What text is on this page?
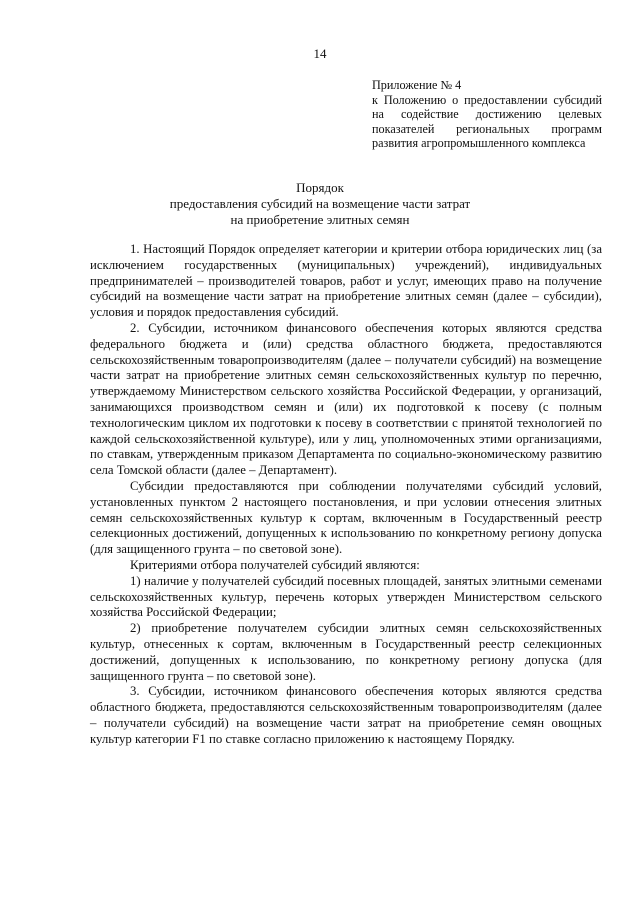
14
Приложение № 4
к Положению о предоставлении субсидий на содействие достижению целевых показателей региональных программ развития агропромышленного комплекса
Порядок
предоставления субсидий на возмещение части затрат
на приобретение элитных семян

1. Настоящий Порядок определяет категории и критерии отбора юридических лиц (за исключением государственных (муниципальных) учреждений), индивидуальных предпринимателей – производителей товаров, работ и услуг, имеющих право на получение субсидий на возмещение части затрат на приобретение элитных семян (далее – субсидии), условия и порядок предоставления субсидий.

2. Субсидии, источником финансового обеспечения которых являются средства федерального бюджета и (или) средства областного бюджета, предоставляются сельскохозяйственным товаропроизводителям (далее – получатели субсидий) на возмещение части затрат на приобретение элитных семян сельскохозяйственных культур по перечню, утверждаемому Министерством сельского хозяйства Российской Федерации, у организаций, занимающихся производством семян и (или) их подготовкой к посеву (с полным технологическим циклом их подготовки к посеву в соответствии с принятой технологией по каждой сельскохозяйственной культуре), или у лиц, уполномоченных этими организациями, по ставкам, утвержденным приказом Департамента по социально-экономическому развитию села Томской области (далее – Департамент).

Субсидии предоставляются при соблюдении получателями субсидий условий, установленных пунктом 2 настоящего постановления, и при условии отнесения элитных семян сельскохозяйственных культур к сортам, включенным в Государственный реестр селекционных достижений, допущенных к использованию по конкретному региону допуска (для защищенного грунта – по световой зоне).

Критериями отбора получателей субсидий являются:

1) наличие у получателей субсидий посевных площадей, занятых элитными семенами сельскохозяйственных культур, перечень которых утвержден Министерством сельского хозяйства Российской Федерации;

2) приобретение получателем субсидии элитных семян сельскохозяйственных культур, отнесенных к сортам, включенным в Государственный реестр селекционных достижений, допущенных к использованию, по конкретному региону допуска (для защищенного грунта – по световой зоне).

3. Субсидии, источником финансового обеспечения которых являются средства областного бюджета, предоставляются сельскохозяйственным товаропроизводителям (далее – получатели субсидий) на возмещение части затрат на приобретение семян овощных культур категории F1 по ставке согласно приложению к настоящему Порядку.
